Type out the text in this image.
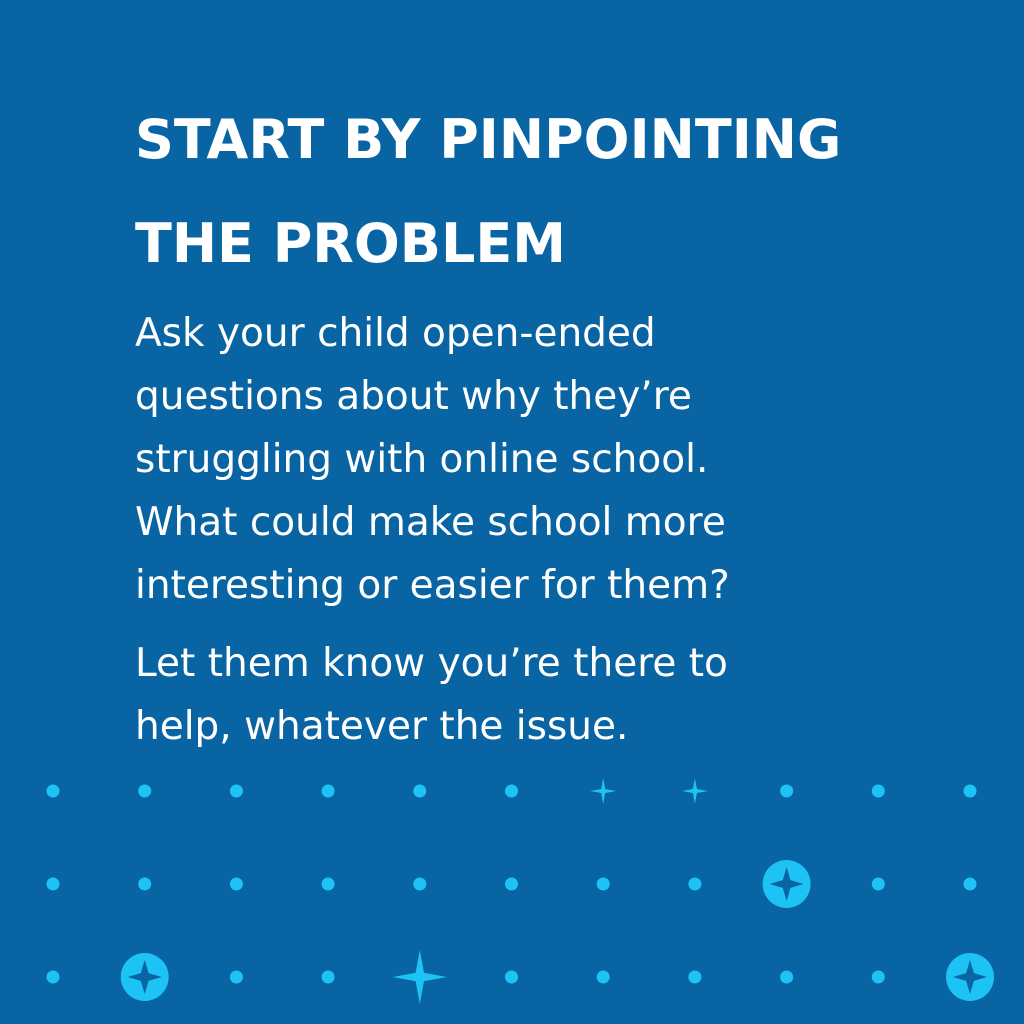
START BY PINPOINTING
THE PROBLEM

Ask your child open-ended
questions about why they’re
struggling with online school.
What could make school more
interesting or easier for them?

Let them know you’re there to
help, whatever the issue.
